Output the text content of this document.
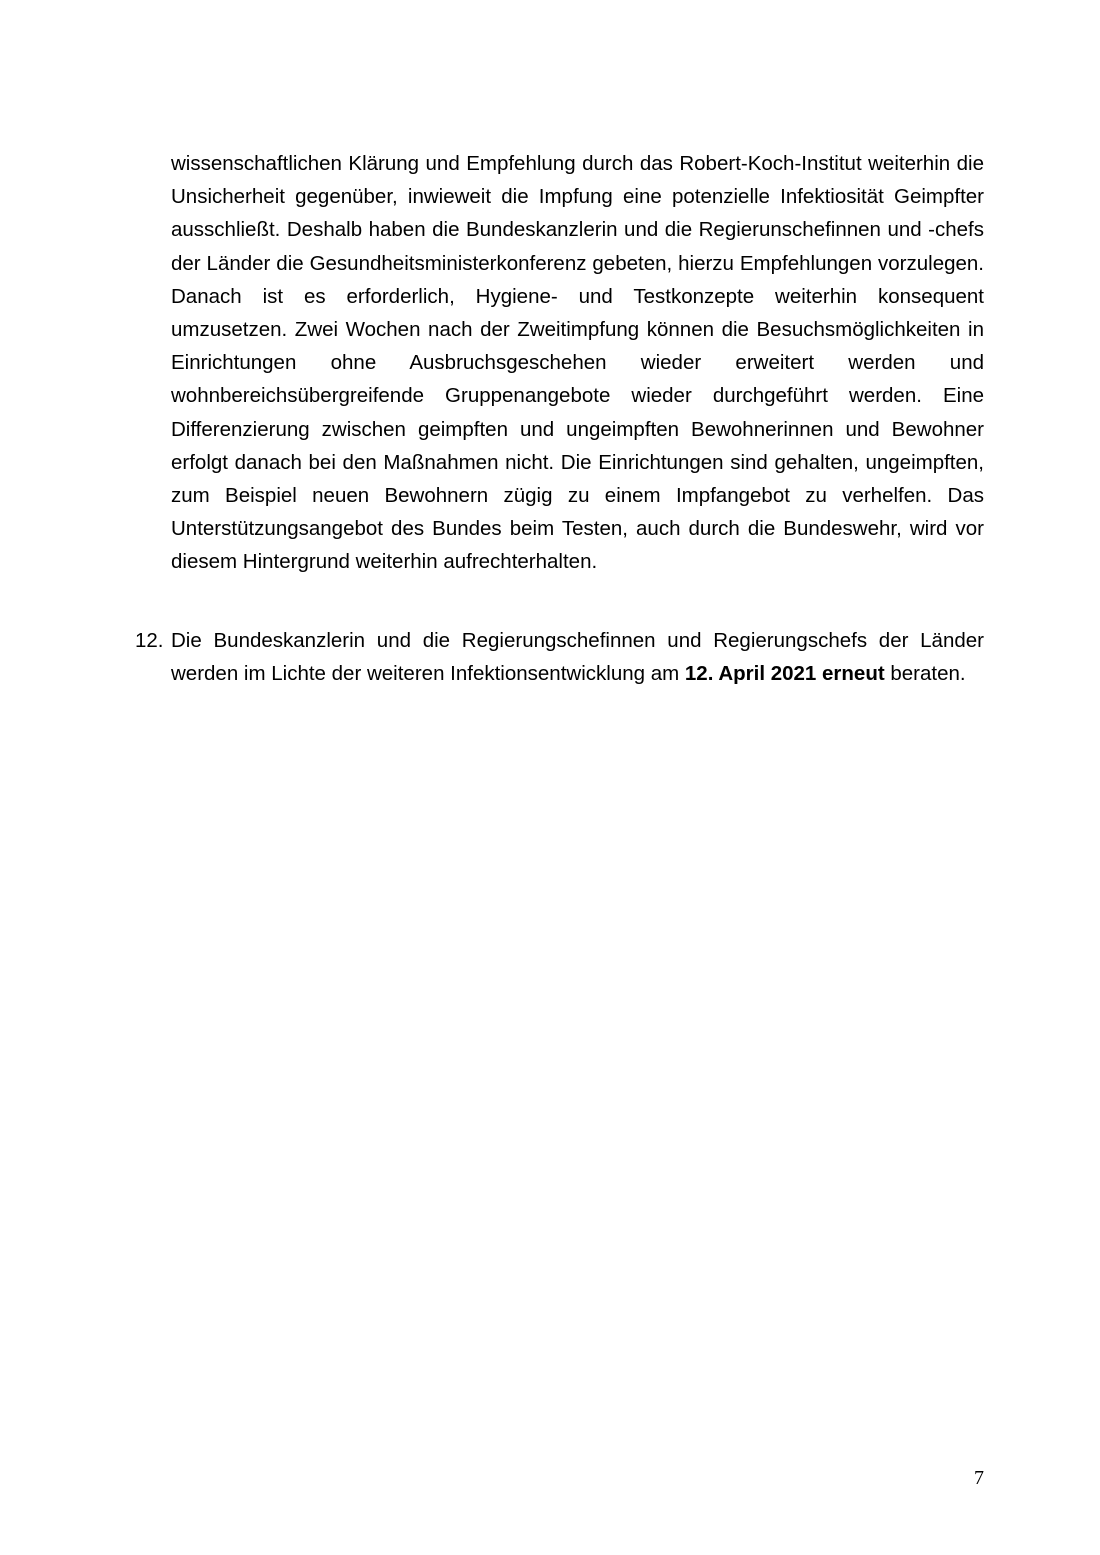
wissenschaftlichen Klärung und Empfehlung durch das Robert-Koch-Institut weiterhin die Unsicherheit gegenüber, inwieweit die Impfung eine potenzielle Infektiosität Geimpfter ausschließt. Deshalb haben die Bundeskanzlerin und die Regierunschefinnen und -chefs der Länder die Gesundheitsministerkonferenz gebeten, hierzu Empfehlungen vorzulegen. Danach ist es erforderlich, Hygiene- und Testkonzepte weiterhin konsequent umzusetzen. Zwei Wochen nach der Zweitimpfung können die Besuchsmöglichkeiten in Einrichtungen ohne Ausbruchsgeschehen wieder erweitert werden und wohnbereichsübergreifende Gruppenangebote wieder durchgeführt werden. Eine Differenzierung zwischen geimpften und ungeimpften Bewohnerinnen und Bewohner erfolgt danach bei den Maßnahmen nicht. Die Einrichtungen sind gehalten, ungeimpften, zum Beispiel neuen Bewohnern zügig zu einem Impfangebot zu verhelfen. Das Unterstützungsangebot des Bundes beim Testen, auch durch die Bundeswehr, wird vor diesem Hintergrund weiterhin aufrechterhalten.

12. Die Bundeskanzlerin und die Regierungschefinnen und Regierungschefs der Länder werden im Lichte der weiteren Infektionsentwicklung am 12. April 2021 erneut beraten.

7
